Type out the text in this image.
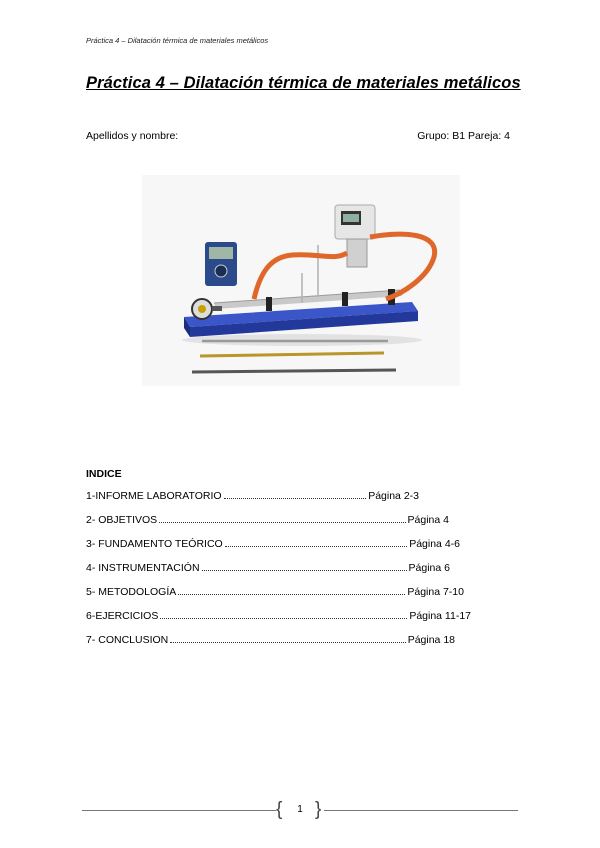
Práctica 4 – Dilatación térmica de materiales metálicos
Práctica 4 – Dilatación térmica de materiales metálicos
Apellidos y nombre:	Grupo: B1 Pareja: 4
INDICE
1-INFORME LABORATORIO	Página 2-3
2- OBJETIVOS	Página 4
3- FUNDAMENTO TEÓRICO	Página 4-6
4- INSTRUMENTACIÓN	Página 6
5- METODOLOGÍA	Página 7-10
6-EJERCICIOS	Página 11-17
7- CONCLUSION	Página 18
{ }
1
